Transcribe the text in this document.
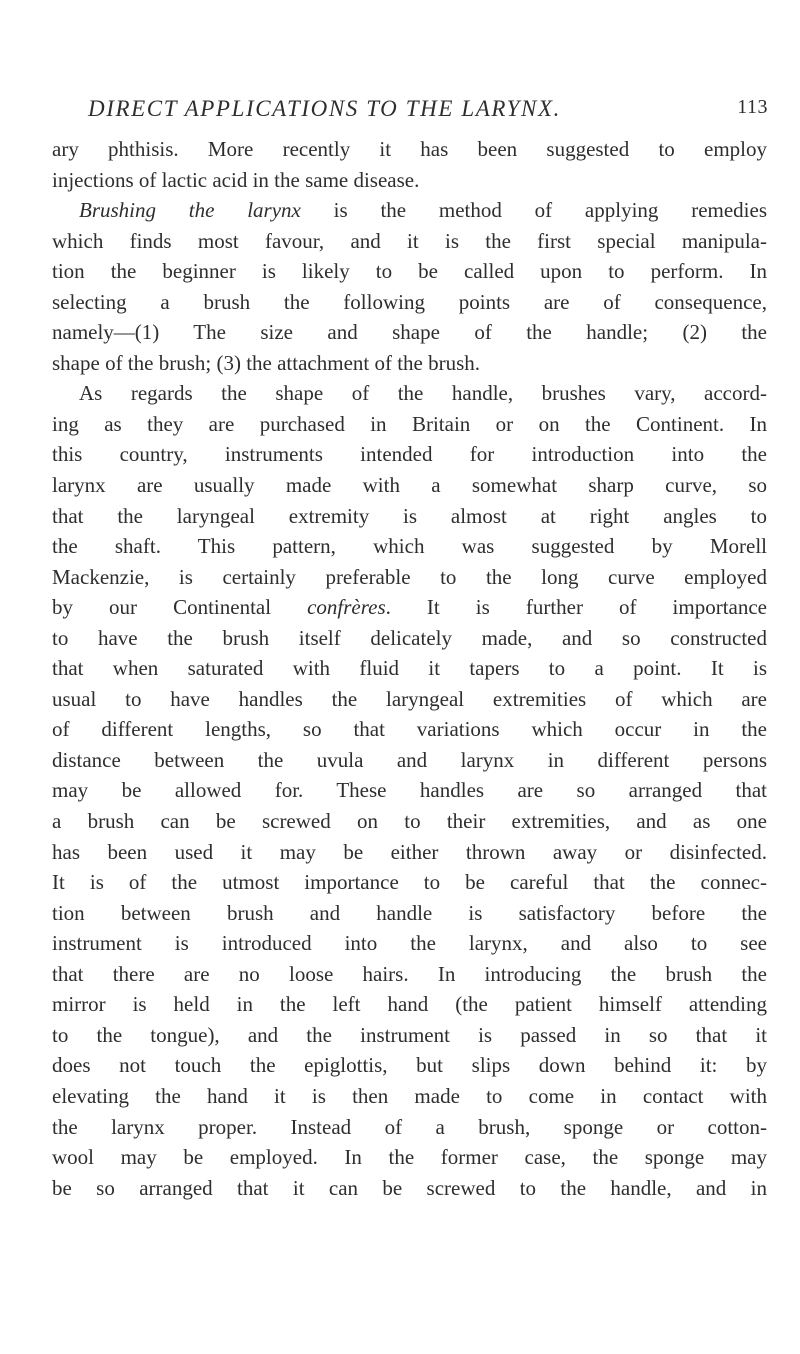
DIRECT APPLICATIONS TO THE LARYNX.	113
ary phthisis. More recently it has been suggested to employ
injections of lactic acid in the same disease.
Brushing the larynx is the method of applying remedies
which finds most favour, and it is the first special manipula-
tion the beginner is likely to be called upon to perform. In
selecting a brush the following points are of consequence,
namely—(1) The size and shape of the handle; (2) the
shape of the brush; (3) the attachment of the brush.
As regards the shape of the handle, brushes vary, accord-
ing as they are purchased in Britain or on the Continent. In
this country, instruments intended for introduction into the
larynx are usually made with a somewhat sharp curve, so
that the laryngeal extremity is almost at right angles to
the shaft. This pattern, which was suggested by Morell
Mackenzie, is certainly preferable to the long curve employed
by our Continental confrères. It is further of importance
to have the brush itself delicately made, and so constructed
that when saturated with fluid it tapers to a point. It is
usual to have handles the laryngeal extremities of which are
of different lengths, so that variations which occur in the
distance between the uvula and larynx in different persons
may be allowed for. These handles are so arranged that
a brush can be screwed on to their extremities, and as one
has been used it may be either thrown away or disinfected.
It is of the utmost importance to be careful that the connec-
tion between brush and handle is satisfactory before the
instrument is introduced into the larynx, and also to see
that there are no loose hairs. In introducing the brush the
mirror is held in the left hand (the patient himself attending
to the tongue), and the instrument is passed in so that it
does not touch the epiglottis, but slips down behind it: by
elevating the hand it is then made to come in contact with
the larynx proper. Instead of a brush, sponge or cotton-
wool may be employed. In the former case, the sponge may
be so arranged that it can be screwed to the handle, and in
